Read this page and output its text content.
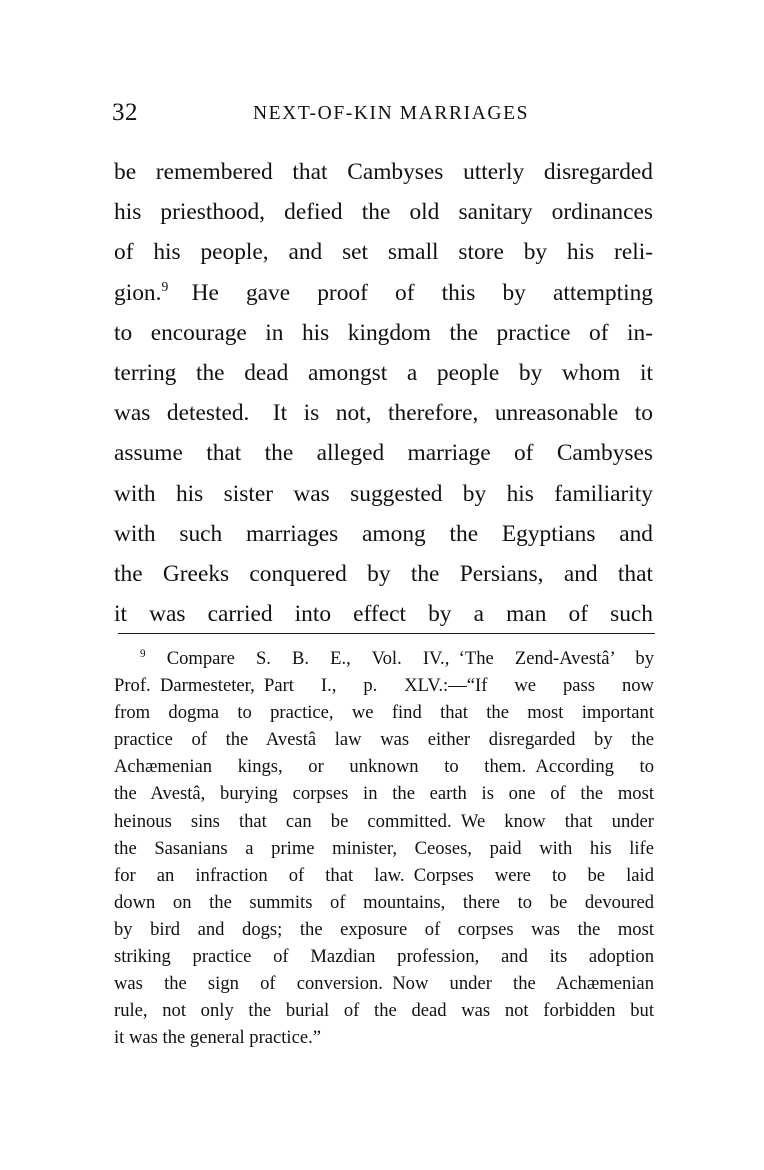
32	NEXT-OF-KIN MARRIAGES
be remembered that Cambyses utterly disregarded
his priesthood, defied the old sanitary ordinances
of his people, and set small store by his reli-
gion.$^9$  He gave proof of this by attempting
to encourage in his kingdom the practice of in-
terring the dead amongst a people by whom it
was detested. It is not, therefore, unreasonable to
assume that the alleged marriage of Cambyses
with his sister was suggested by his familiarity
with such marriages among the Egyptians and
the Greeks conquered by the Persians, and that
it was carried into effect by a man of such
$^9$ Compare S. B. E., Vol. IV., ‘The Zend-Avestâ’ by
Prof. Darmesteter, Part I., p. XLV.:—“If we pass now
from dogma to practice, we find that the most important
practice of the Avestâ law was either disregarded by the
Achæmenian kings, or unknown to them. According to
the Avestâ, burying corpses in the earth is one of the most
heinous sins that can be committed. We know that under
the Sasanians a prime minister, Ceoses, paid with his life
for an infraction of that law. Corpses were to be laid
down on the summits of mountains, there to be devoured
by bird and dogs; the exposure of corpses was the most
striking practice of Mazdian profession, and its adoption
was the sign of conversion. Now under the Achæmenian
rule, not only the burial of the dead was not forbidden but
it was the general practice.”
